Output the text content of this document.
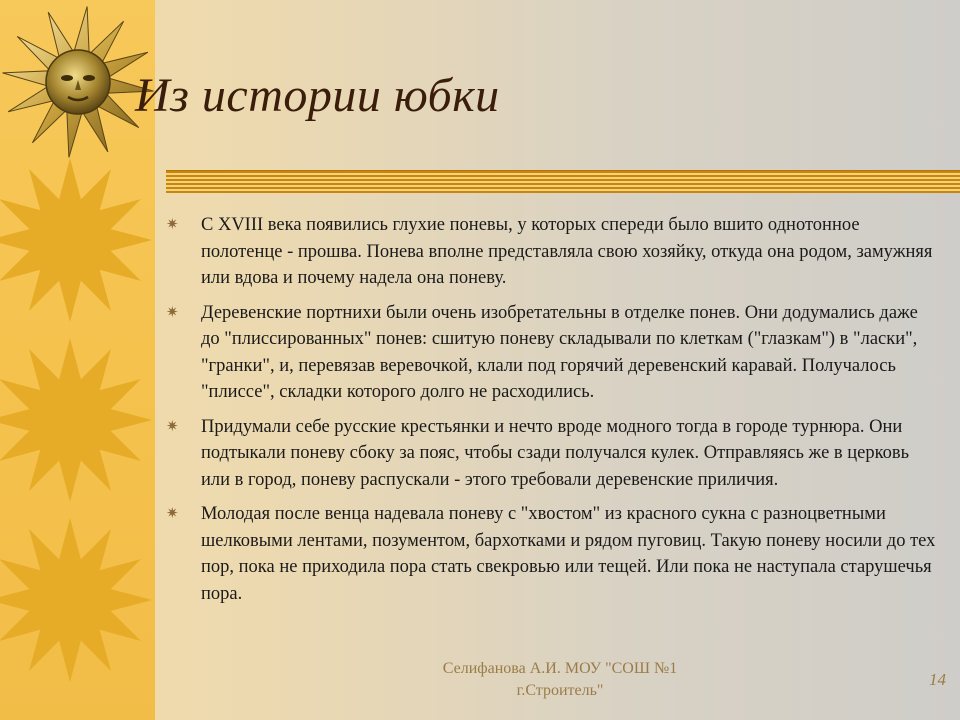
Из истории юбки
✷ С XVIII века появились глухие поневы, у которых спереди было вшито однотонное полотенце - прошва. Понева вполне представляла свою хозяйку, откуда она родом, замужняя или вдова и почему надела она поневу.
✷ Деревенские портнихи были очень изобретательны в отделке понев. Они додумались даже до "плиссированных" понев: сшитую поневу складывали по клеткам ("глазкам") в "ласки", "гранки", и, перевязав веревочкой, клали под горячий деревенский каравай. Получалось "плиссе", складки которого долго не расходились.
✷ Придумали себе русские крестьянки и нечто вроде модного тогда в городе турнюра. Они подтыкали поневу сбоку за пояс, чтобы сзади получался кулек. Отправляясь же в церковь или в город, поневу распускали - этого требовали деревенские приличия.
✷ Молодая после венца надевала поневу с "хвостом" из красного сукна с разноцветными шелковыми лентами, позументом, бархотками и рядом пуговиц. Такую поневу носили до тех пор, пока не приходила пора стать свекровью или тещей. Или пока не наступала старушечья пора.
Селифанова А.И. МОУ "СОШ №1
г.Строитель"
14
